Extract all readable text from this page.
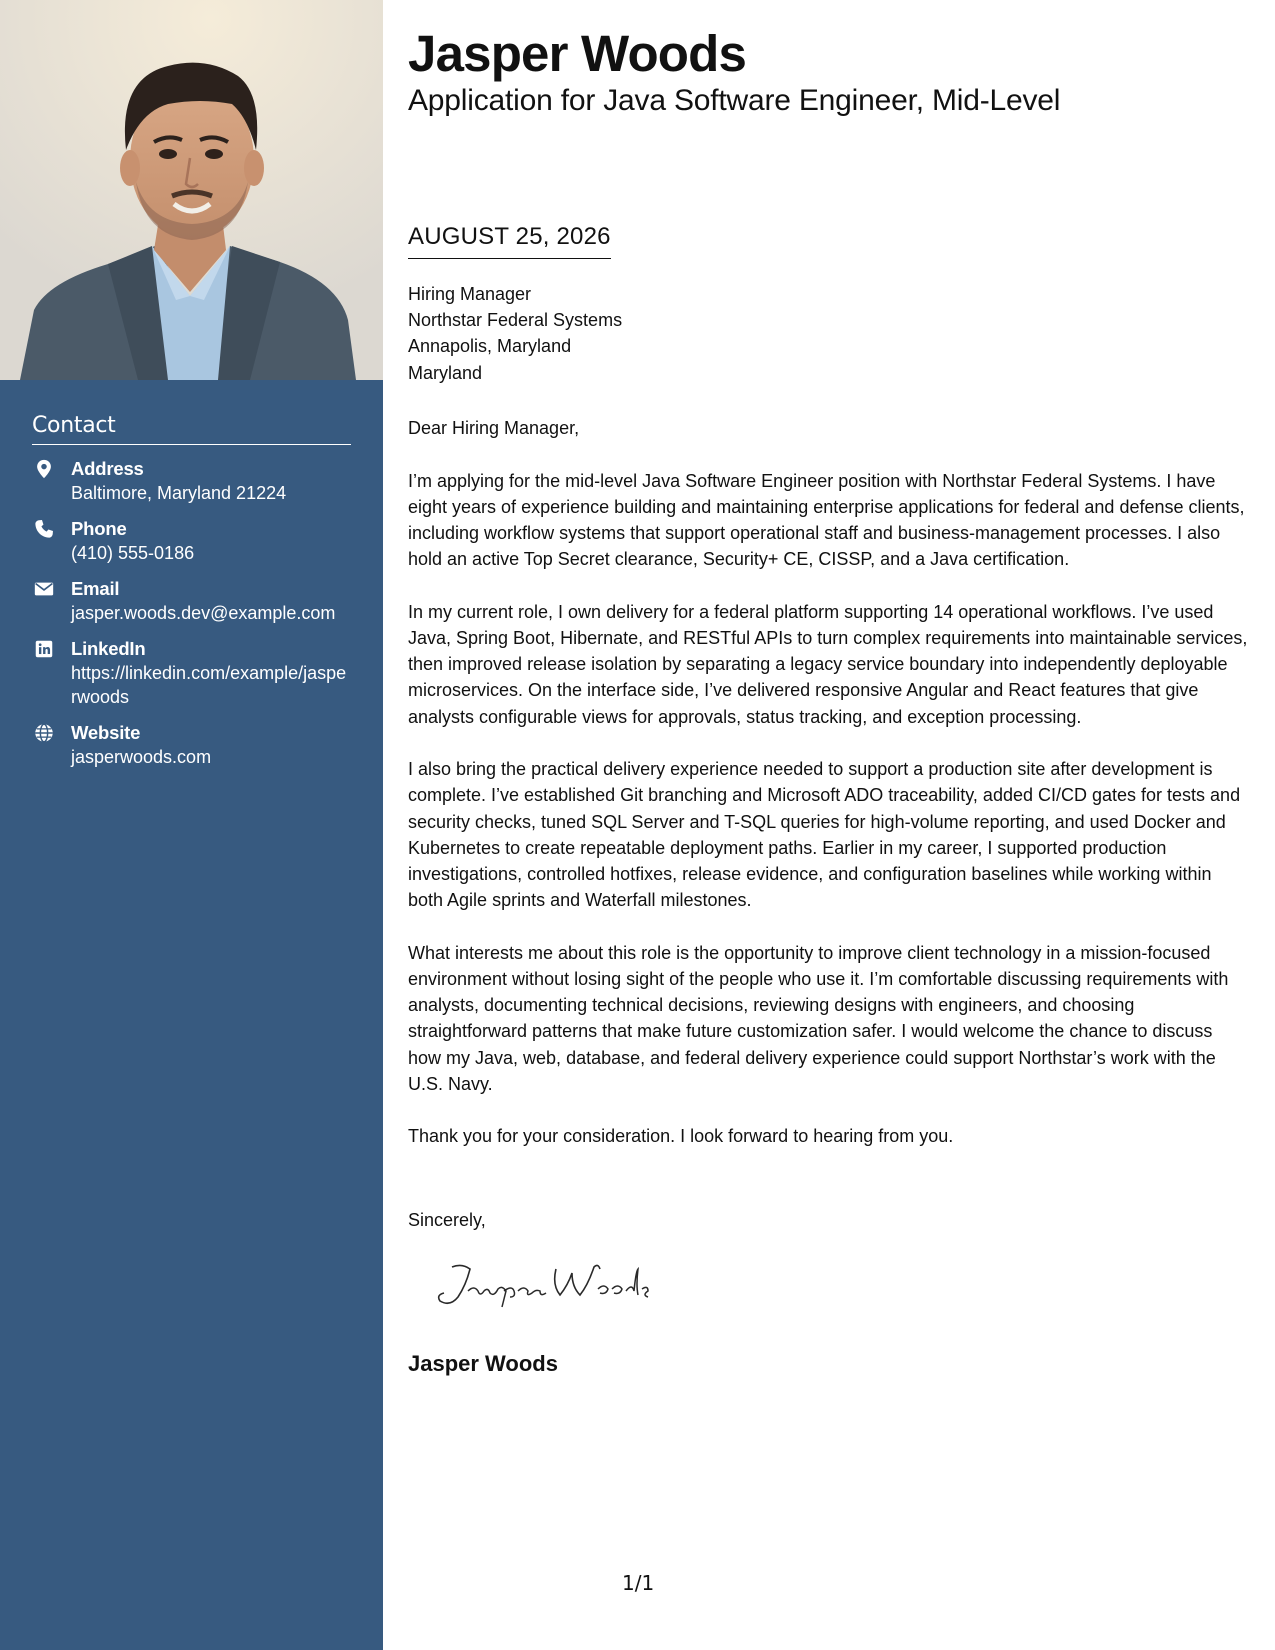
Contact
Address
Baltimore, Maryland 21224
Phone
(410) 555-0186
Email
jasper.woods.dev@example.com
LinkedIn
https://linkedin.com/example/jasperwoods
Website
jasperwoods.com
Jasper Woods
Application for Java Software Engineer, Mid-Level
AUGUST 25, 2026
Hiring Manager
Northstar Federal Systems
Annapolis, Maryland
Maryland

Dear Hiring Manager,

I’m applying for the mid-level Java Software Engineer position with Northstar Federal Systems. I have eight years of experience building and maintaining enterprise applications for federal and defense clients, including workflow systems that support operational staff and business-management processes. I also hold an active Top Secret clearance, Security+ CE, CISSP, and a Java certification.

In my current role, I own delivery for a federal platform supporting 14 operational workflows. I’ve used Java, Spring Boot, Hibernate, and RESTful APIs to turn complex requirements into maintainable services, then improved release isolation by separating a legacy service boundary into independently deployable microservices. On the interface side, I’ve delivered responsive Angular and React features that give analysts configurable views for approvals, status tracking, and exception processing.

I also bring the practical delivery experience needed to support a production site after development is complete. I’ve established Git branching and Microsoft ADO traceability, added CI/CD gates for tests and security checks, tuned SQL Server and T-SQL queries for high-volume reporting, and used Docker and Kubernetes to create repeatable deployment paths. Earlier in my career, I supported production investigations, controlled hotfixes, release evidence, and configuration baselines while working within both Agile sprints and Waterfall milestones.

What interests me about this role is the opportunity to improve client technology in a mission-focused environment without losing sight of the people who use it. I’m comfortable discussing requirements with analysts, documenting technical decisions, reviewing designs with engineers, and choosing straightforward patterns that make future customization safer. I would welcome the chance to discuss how my Java, web, database, and federal delivery experience could support Northstar’s work with the U.S. Navy.

Thank you for your consideration. I look forward to hearing from you.

Sincerely,
Jasper Woods
1/1
